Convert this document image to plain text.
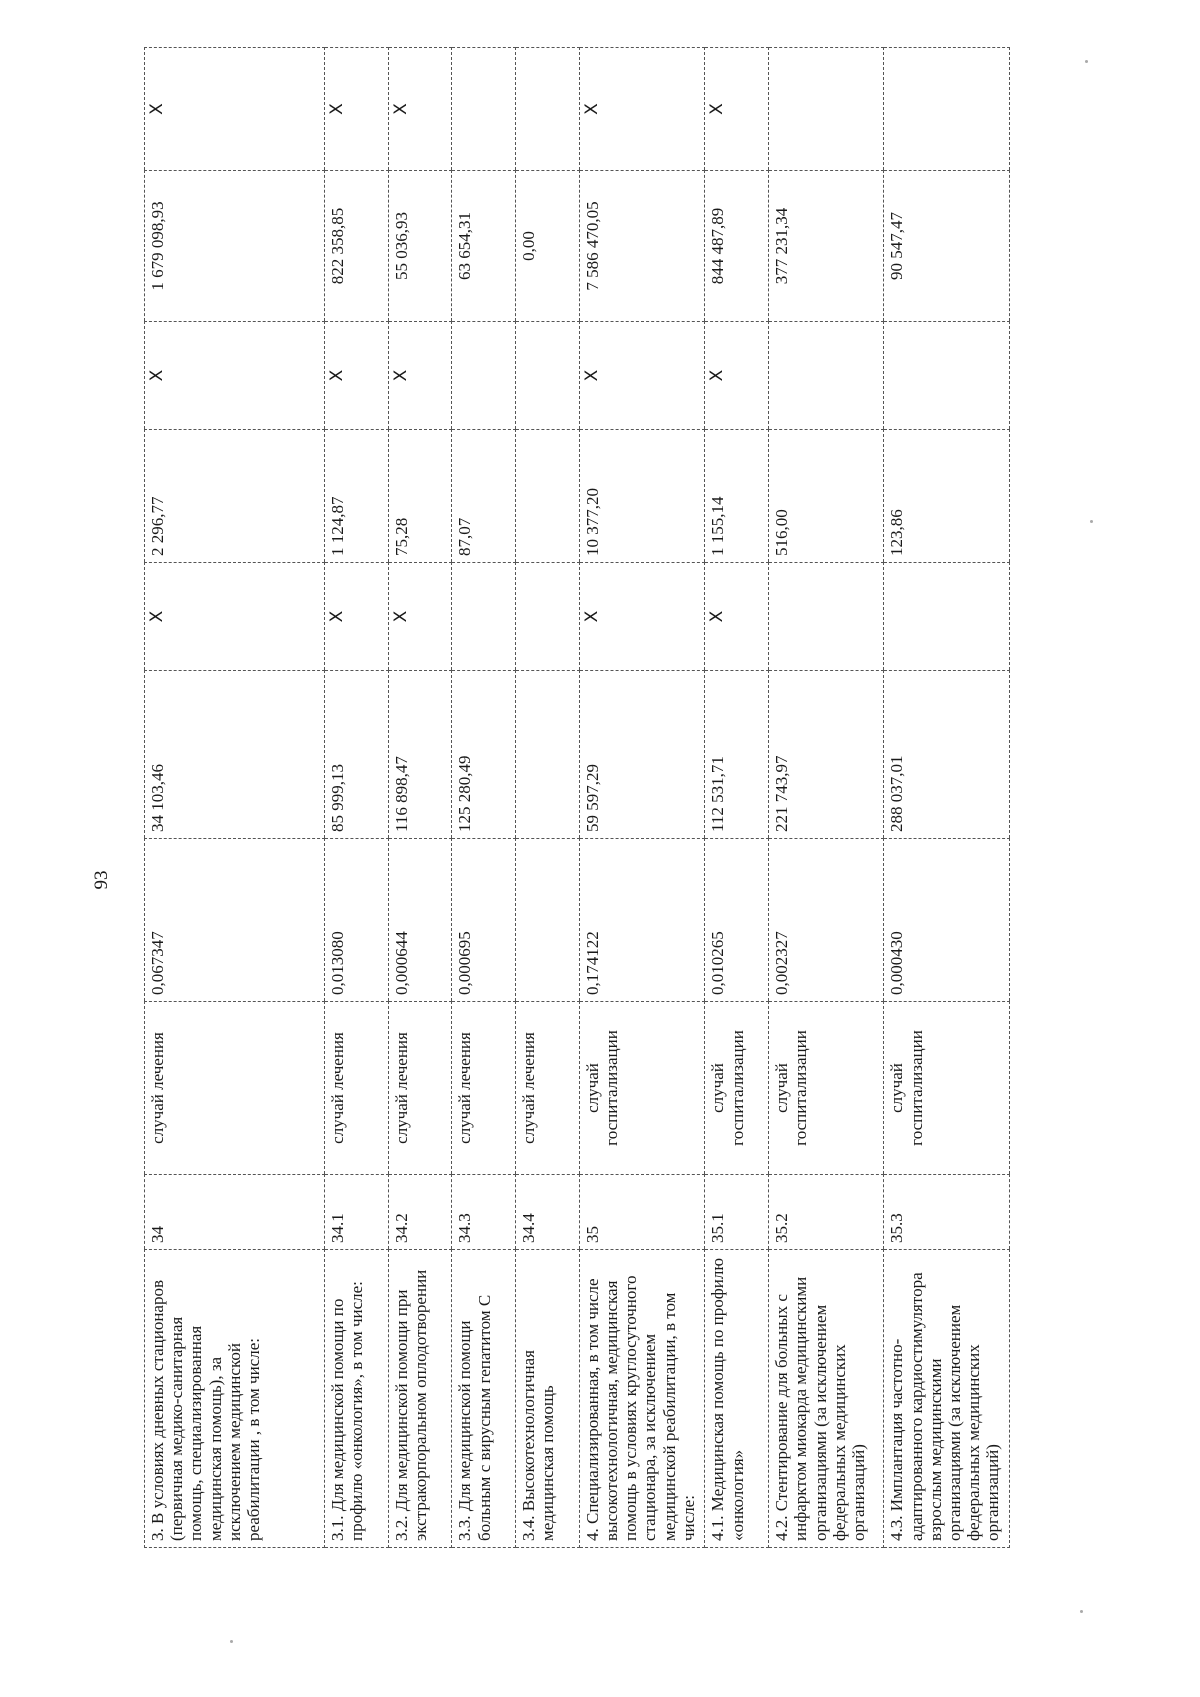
93
3. В условиях дневных стационаров (первичная медико-санитарная помощь, специализированная медицинская помощь), за исключением медицинской реабилитации , в том числе:	34	случай лечения	0,067347	34 103,46	X	2 296,77	X	1 679 098,93	X
3.1. Для медицинской помощи по профилю «онкология», в том числе:	34.1	случай лечения	0,013080	85 999,13	X	1 124,87	X	822 358,85	X
3.2. Для медицинской помощи при экстракорпоральном оплодотворении	34.2	случай лечения	0,000644	116 898,47	X	75,28	X	55 036,93	X
3.3. Для медицинской помощи больным с вирусным гепатитом С	34.3	случай лечения	0,000695	125 280,49		87,07		63 654,31	
3.4. Высокотехнологичная медицинская помощь	34.4	случай лечения						0,00	
4. Специализированная, в том числе высокотехнологичная, медицинская помощь в условиях круглосуточного стационара, за исключением медицинской реабилитации, в том числе:	35	случай госпитализации	0,174122	59 597,29	X	10 377,20	X	7 586 470,05	X
4.1. Медицинская помощь по профилю «онкология»	35.1	случай госпитализации	0,010265	112 531,71	X	1 155,14	X	844 487,89	X
4.2. Стентирование для больных с инфарктом миокарда медицинскими организациями (за исключением федеральных медицинских организаций)	35.2	случай госпитализации	0,002327	221 743,97		516,00		377 231,34	
4.3. Имплантация частотно-адаптированного кардиостимулятора взрослым медицинскими организациями (за исключением федеральных медицинских организаций)	35.3	случай госпитализации	0,000430	288 037,01		123,86		90 547,47	
